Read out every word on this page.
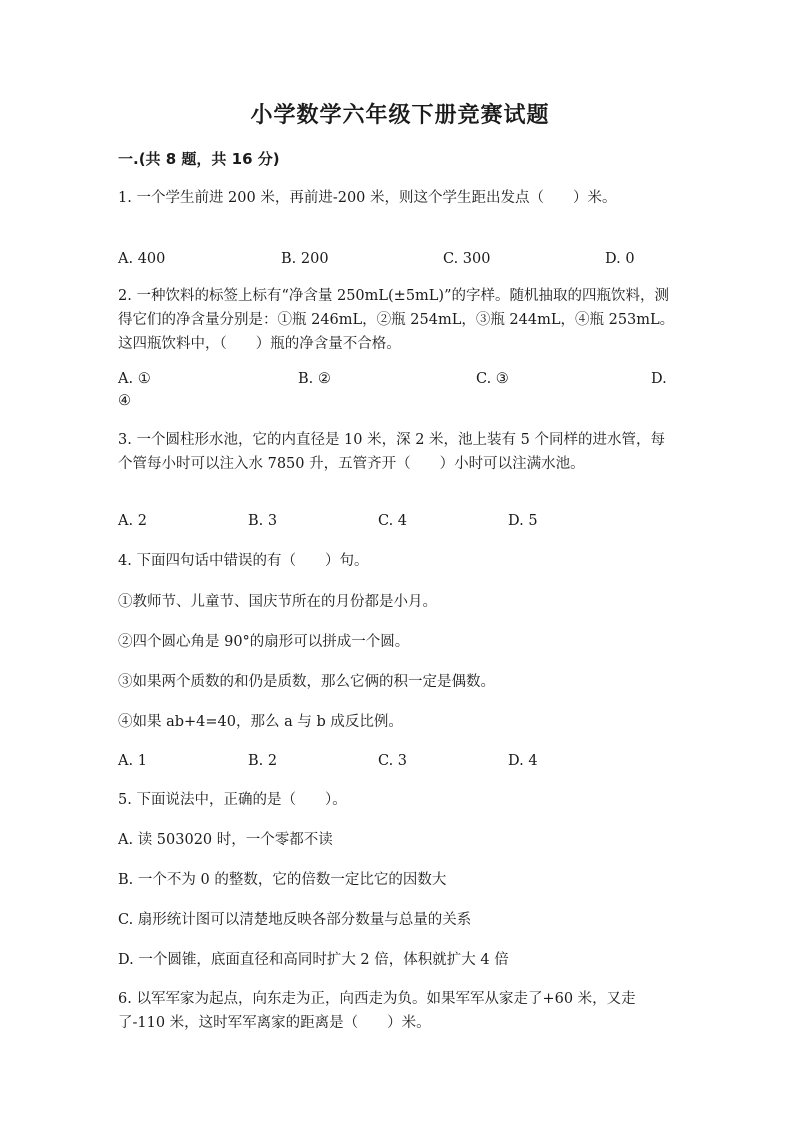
小学数学六年级下册竞赛试题
一.(共 8 题，共 16 分)
1. 一个学生前进 200 米，再前进-200 米，则这个学生距出发点（　　）米。
A. 400	B. 200	C. 300	D. 0
2. 一种饮料的标签上标有“净含量 250mL(±5mL)”的字样。随机抽取的四瓶饮料，测得它们的净含量分别是：①瓶 246mL，②瓶 254mL，③瓶 244mL，④瓶 253mL。这四瓶饮料中，（　　）瓶的净含量不合格。
A. ①	B. ②	C. ③	D.
④
3. 一个圆柱形水池，它的内直径是 10 米，深 2 米，池上装有 5 个同样的进水管，每个管每小时可以注入水 7850 升，五管齐开（　　）小时可以注满水池。
A. 2	B. 3	C. 4	D. 5
4. 下面四句话中错误的有（　　）句。
①教师节、儿童节、国庆节所在的月份都是小月。
②四个圆心角是 90°的扇形可以拼成一个圆。
③如果两个质数的和仍是质数，那么它俩的积一定是偶数。
④如果 ab+4=40，那么 a 与 b 成反比例。
A. 1	B. 2	C. 3	D. 4
5. 下面说法中，正确的是（　　）。
A. 读 503020 时，一个零都不读
B. 一个不为 0 的整数，它的倍数一定比它的因数大
C. 扇形统计图可以清楚地反映各部分数量与总量的关系
D. 一个圆锥，底面直径和高同时扩大 2 倍，体积就扩大 4 倍
6. 以军军家为起点，向东走为正，向西走为负。如果军军从家走了+60 米，又走了-110 米，这时军军离家的距离是（　　）米。
